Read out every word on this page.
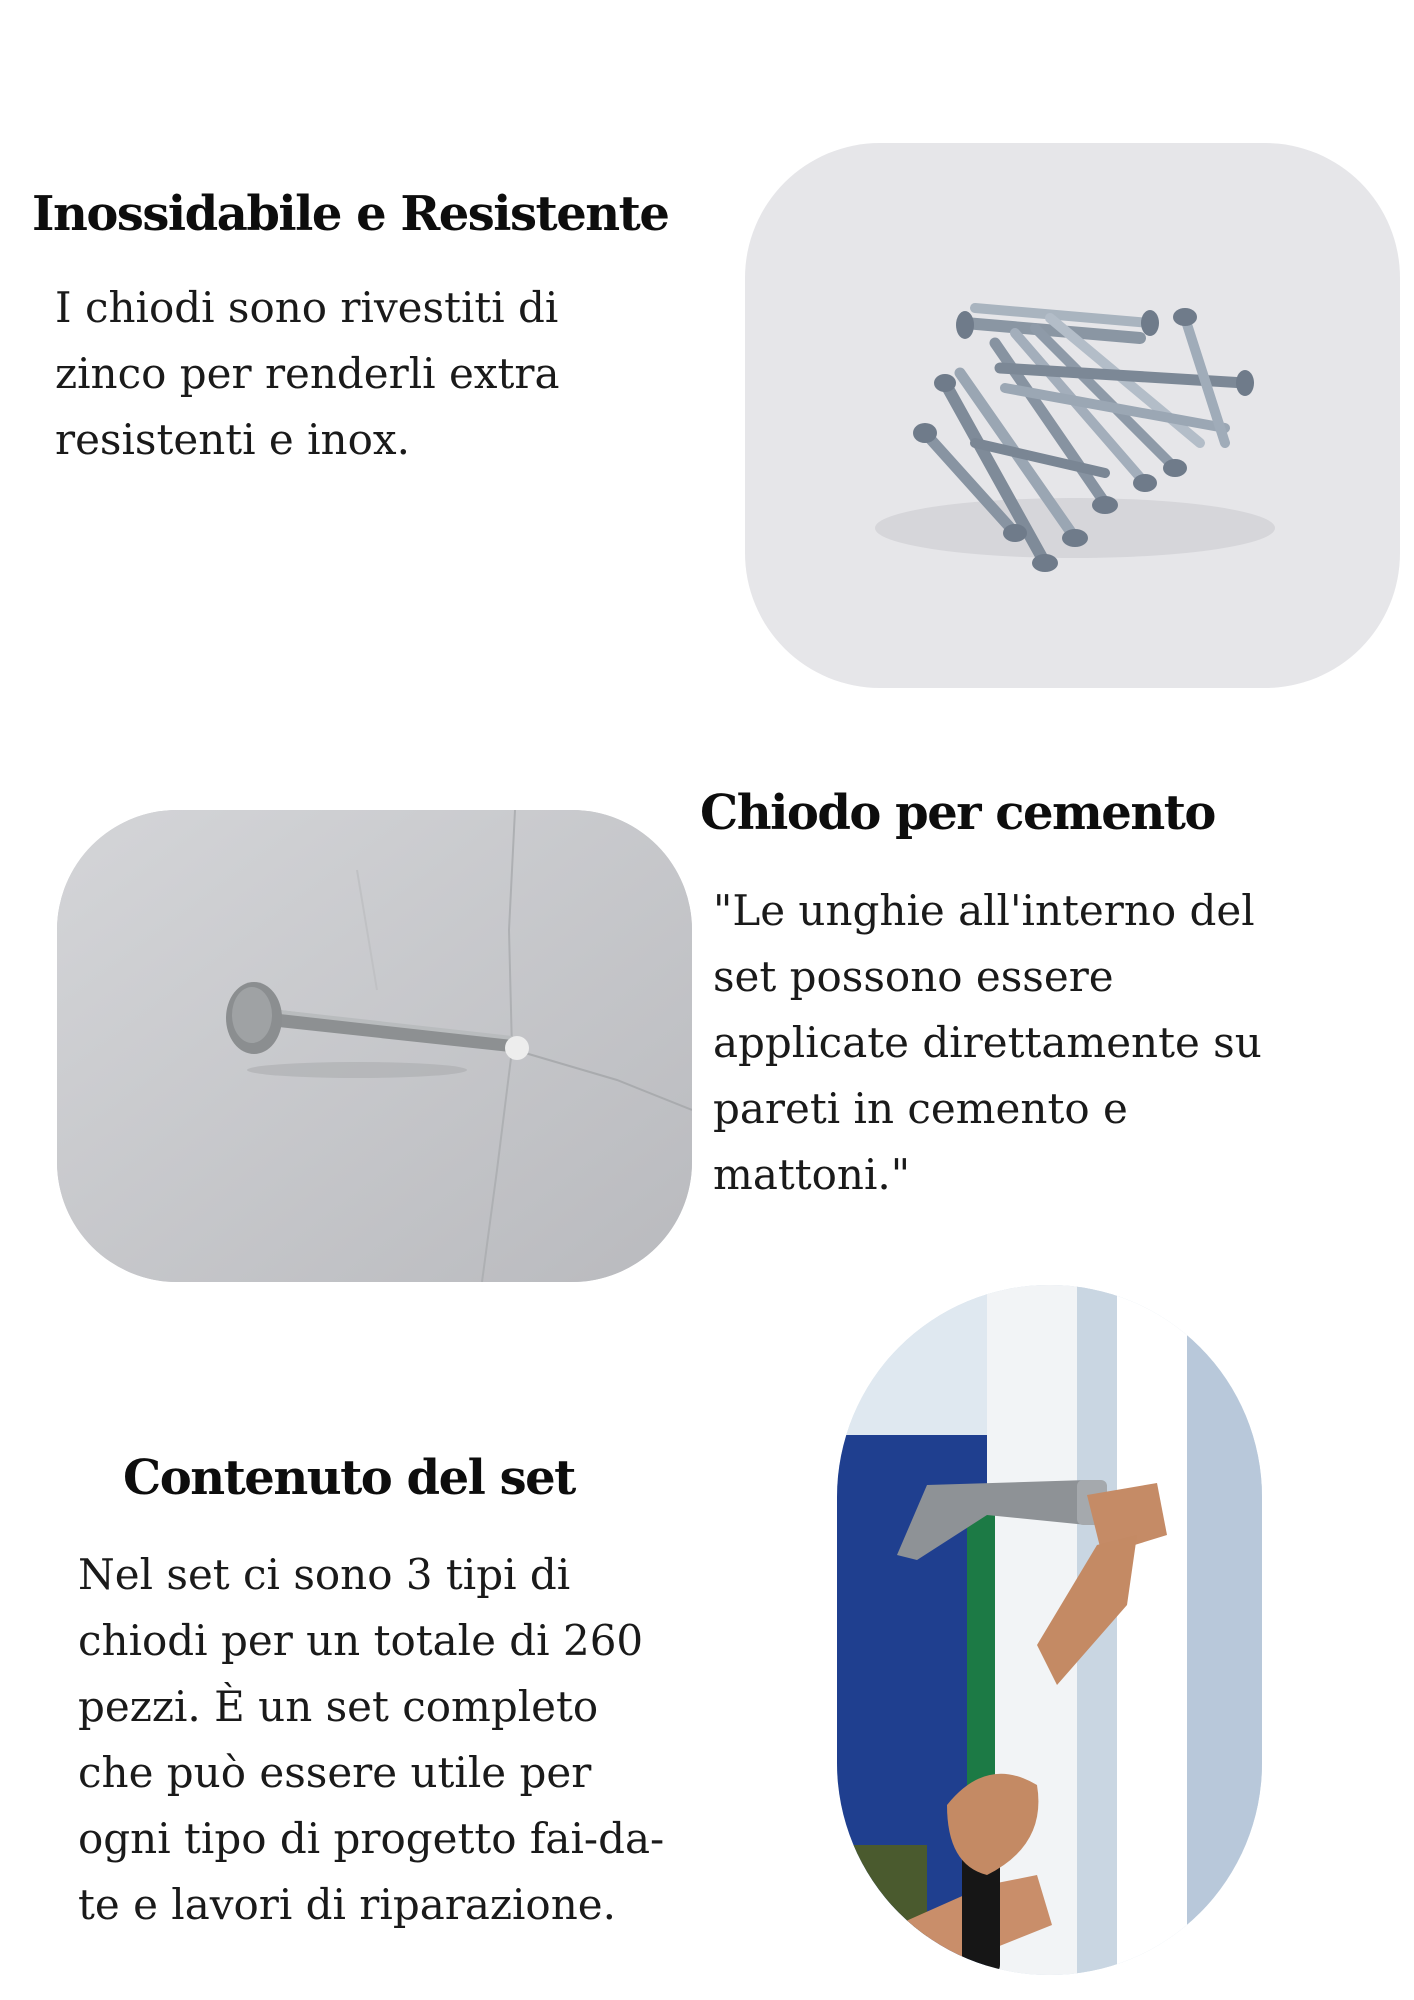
Inossidabile e Resistente

I chiodi sono rivestiti di
zinco per renderli extra
resistenti e inox.

Chiodo per cemento

"Le unghie all'interno del
set possono essere
applicate direttamente su
pareti in cemento e
mattoni."

Contenuto del set

Nel set ci sono 3 tipi di
chiodi per un totale di 260
pezzi. È un set completo
che può essere utile per
ogni tipo di progetto fai-da-
te e lavori di riparazione.
